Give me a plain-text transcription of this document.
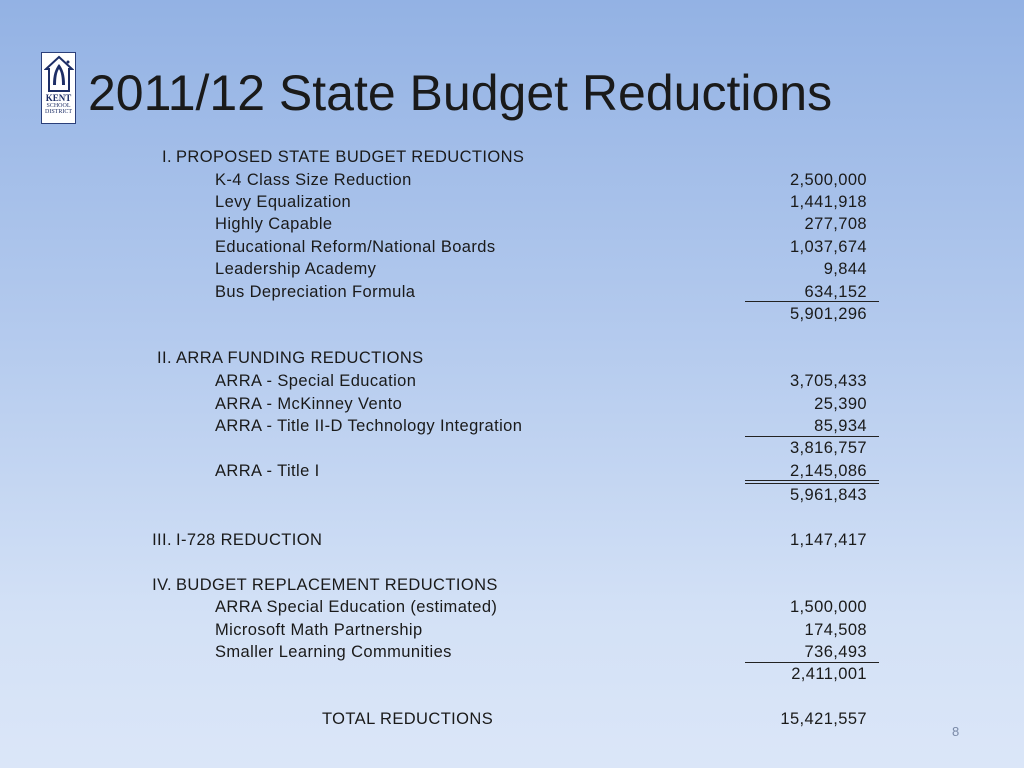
KENT
SCHOOL
DISTRICT 2011/12 State Budget Reductions
I. PROPOSED STATE BUDGET REDUCTIONS
K-4 Class Size Reduction	2,500,000
Levy Equalization	1,441,918
Highly Capable	277,708
Educational Reform/National Boards	1,037,674
Leadership Academy	9,844
Bus Depreciation Formula	634,152
5,901,296
II. ARRA FUNDING REDUCTIONS
ARRA - Special Education	3,705,433
ARRA - McKinney Vento	25,390
ARRA - Title II-D Technology Integration	85,934
3,816,757
ARRA - Title I	2,145,086
5,961,843
III. I-728 REDUCTION	1,147,417
IV. BUDGET REPLACEMENT REDUCTIONS
ARRA Special Education (estimated)	1,500,000
Microsoft Math Partnership	174,508
Smaller Learning Communities	736,493
2,411,001
TOTAL REDUCTIONS	15,421,557
8
